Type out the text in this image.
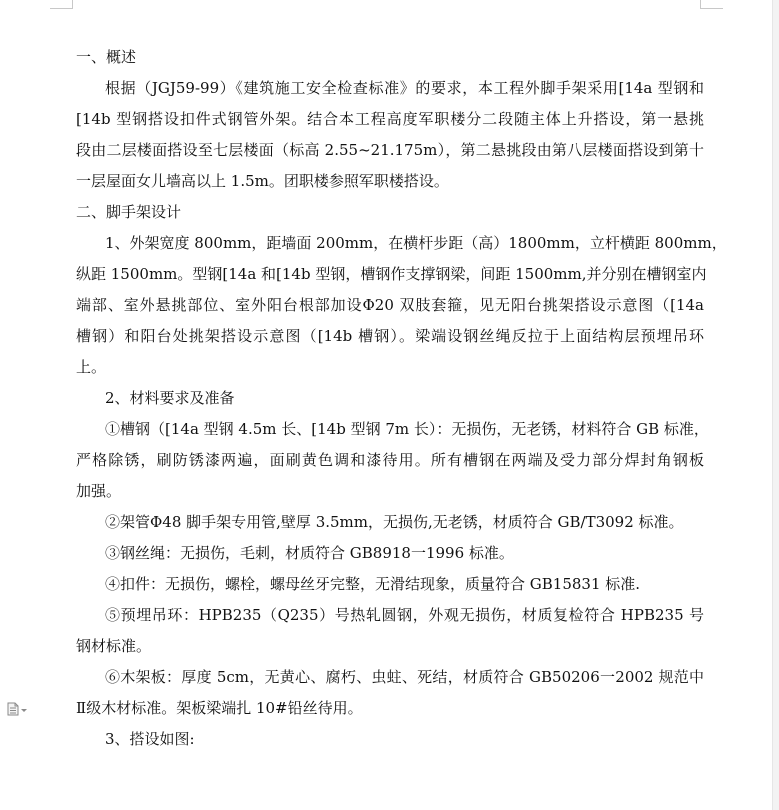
一、概述
根据（JGJ59-99）《建筑施工安全检查标准》的要求，本工程外脚手架采用[14a 型钢和
[14b 型钢搭设扣件式钢管外架。结合本工程高度军职楼分二段随主体上升搭设，第一悬挑
段由二层楼面搭设至七层楼面（标高 2.55~21.175m），第二悬挑段由第八层楼面搭设到第十
一层屋面女儿墙高以上 1.5m。团职楼参照军职楼搭设。
二、脚手架设计
1、外架宽度 800mm，距墙面 200mm，在横杆步距（高）1800mm，立杆横距 800mm，
纵距 1500mm。型钢[14a 和[14b 型钢，槽钢作支撑钢梁，间距 1500mm,并分别在槽钢室内
端部、室外悬挑部位、室外阳台根部加设Φ20 双肢套箍，见无阳台挑架搭设示意图（[14a
槽钢）和阳台处挑架搭设示意图（[14b 槽钢）。梁端设钢丝绳反拉于上面结构层预埋吊环
上。
2、材料要求及准备
①槽钢（[14a 型钢 4.5m 长、[14b 型钢 7m 长）：无损伤，无老锈，材料符合 GB 标准，
严格除锈，刷防锈漆两遍，面刷黄色调和漆待用。所有槽钢在两端及受力部分焊封角钢板
加强。
②架管Φ48 脚手架专用管,壁厚 3.5mm，无损伤,无老锈，材质符合 GB/T3092 标准。
③钢丝绳：无损伤，毛刺，材质符合 GB8918一1996 标准。
④扣件：无损伤，螺栓，螺母丝牙完整，无滑结现象，质量符合 GB15831 标准.
⑤预埋吊环：HPB235（Q235）号热轧圆钢，外观无损伤，材质复检符合 HPB235 号
钢材标准。
⑥木架板：厚度 5cm，无黄心、腐朽、虫蛀、死结，材质符合 GB50206一2002 规范中
Ⅱ级木材标准。架板梁端扎 10#铅丝待用。
3、搭设如图:
